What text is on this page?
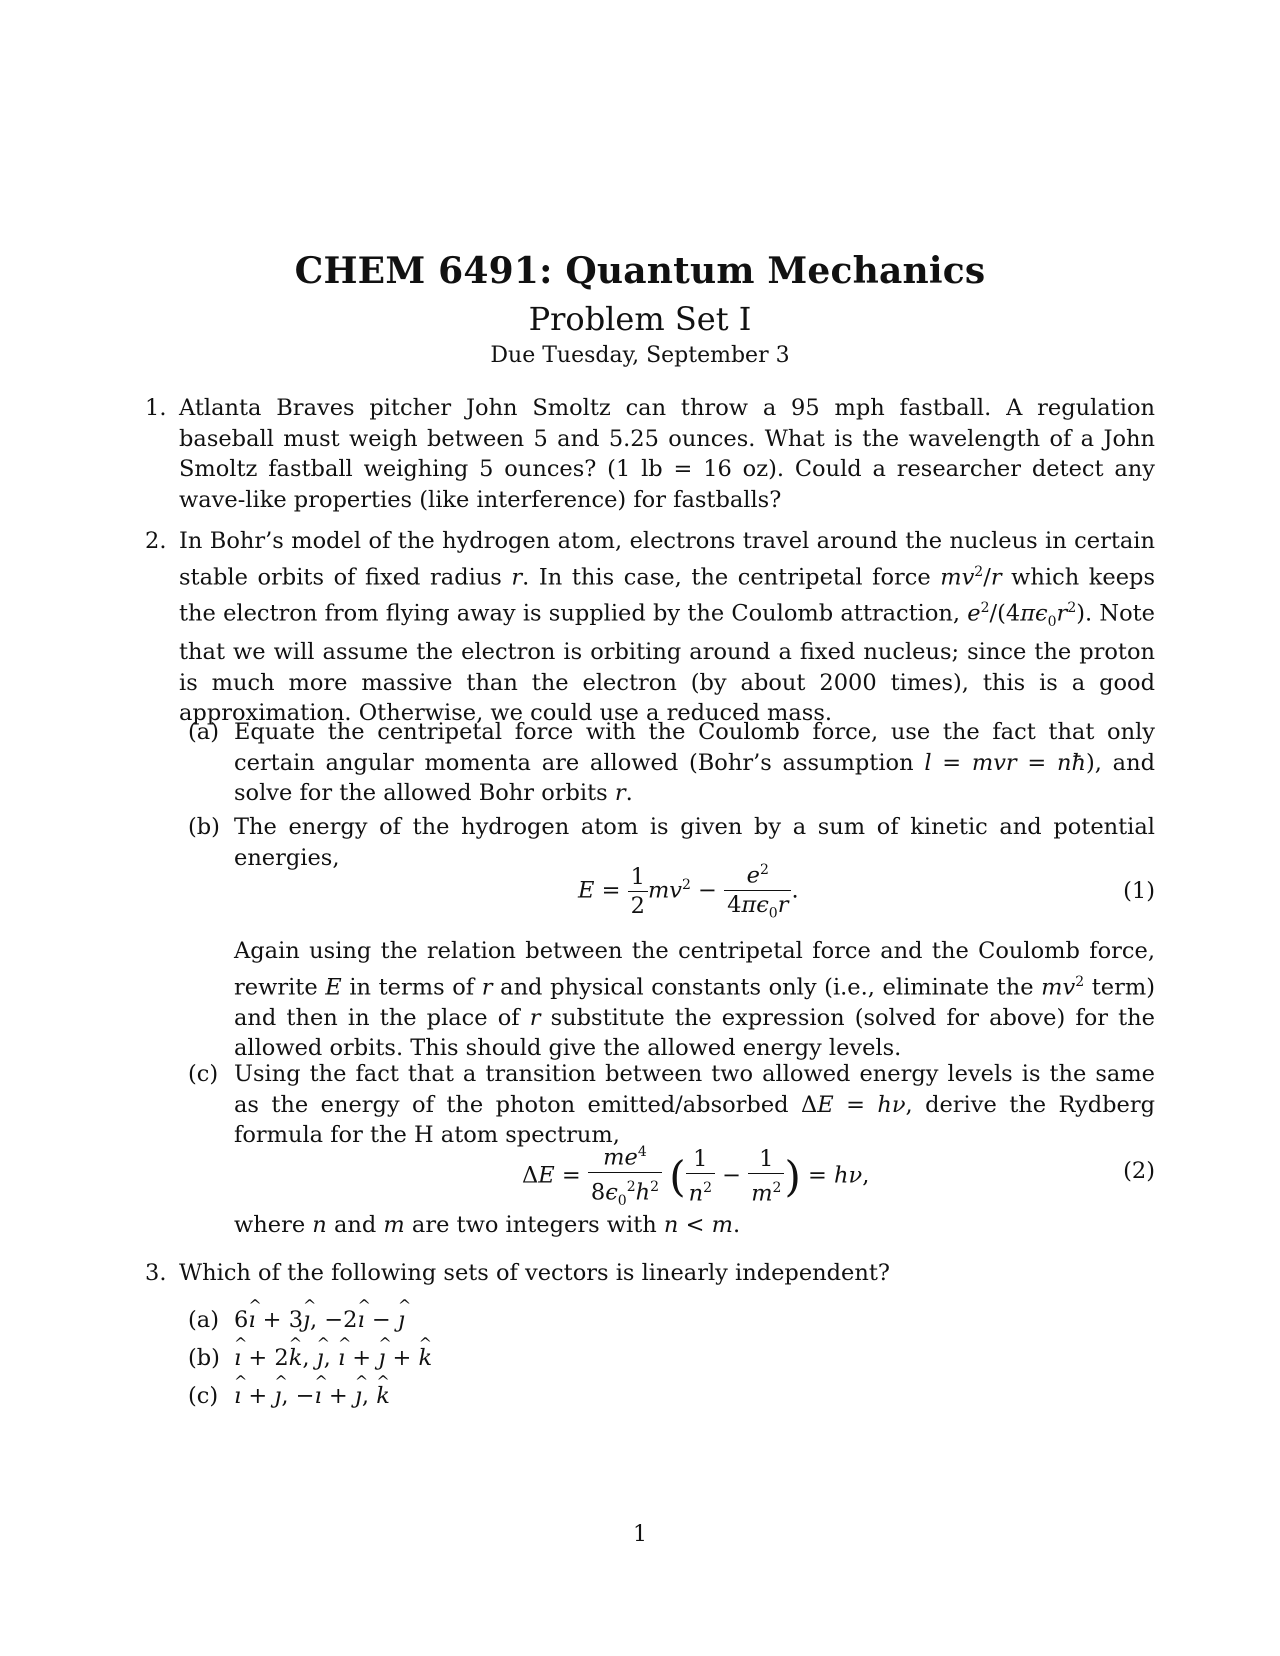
CHEM 6491: Quantum Mechanics
Problem Set I
Due Tuesday, September 3
1. Atlanta Braves pitcher John Smoltz can throw a 95 mph fastball. A regulation baseball must weigh between 5 and 5.25 ounces. What is the wavelength of a John Smoltz fastball weighing 5 ounces? (1 lb = 16 oz). Could a researcher detect any wave-like properties (like interference) for fastballs?
2. In Bohr’s model of the hydrogen atom, electrons travel around the nucleus in certain stable orbits of fixed radius r. In this case, the centripetal force $mv^2/r$ which keeps the electron from flying away is supplied by the Coulomb attraction, $e^2/(4\pi\epsilon_0r^2)$. Note that we will assume the electron is orbiting around a fixed nucleus; since the proton is much more massive than the electron (by about 2000 times), this is a good approximation. Otherwise, we could use a reduced mass.
(a) Equate the centripetal force with the Coulomb force, use the fact that only certain angular momenta are allowed (Bohr’s assumption l = mvr = nħ), and solve for the allowed Bohr orbits r.
(b) The energy of the hydrogen atom is given by a sum of kinetic and potential energies,
$E = \frac{1}{2} mv^2 - \frac{e^2}{4\pi\epsilon_0r}$ .	(1)
Again using the relation between the centripetal force and the Coulomb force, rewrite E in terms of r and physical constants only (i.e., eliminate the $mv^2$ term) and then in the place of r substitute the expression (solved for above) for the allowed orbits. This should give the allowed energy levels.
(c) Using the fact that a transition between two allowed energy levels is the same as the energy of the photon emitted/absorbed ΔE = hν, derive the Rydberg formula for the H atom spectrum,
$\Delta E = \frac{me^4}{8\epsilon_0^2h^2}$ ( $\frac{1}{n^2} - \frac{1}{m^2}$ ) = hν,	(2)
where n and m are two integers with n < m.
3. Which of the following sets of vectors is linearly independent?
(a) 6^ ı + 3^ ȷ, −2^ ı − ^ ȷ
(b) ^ ı + 2^ k, ^ ȷ, ^ ı + ^ ȷ + ^ k
(c) ^ ı + ^ ȷ, −^ ı + ^ ȷ, ^ k
1
